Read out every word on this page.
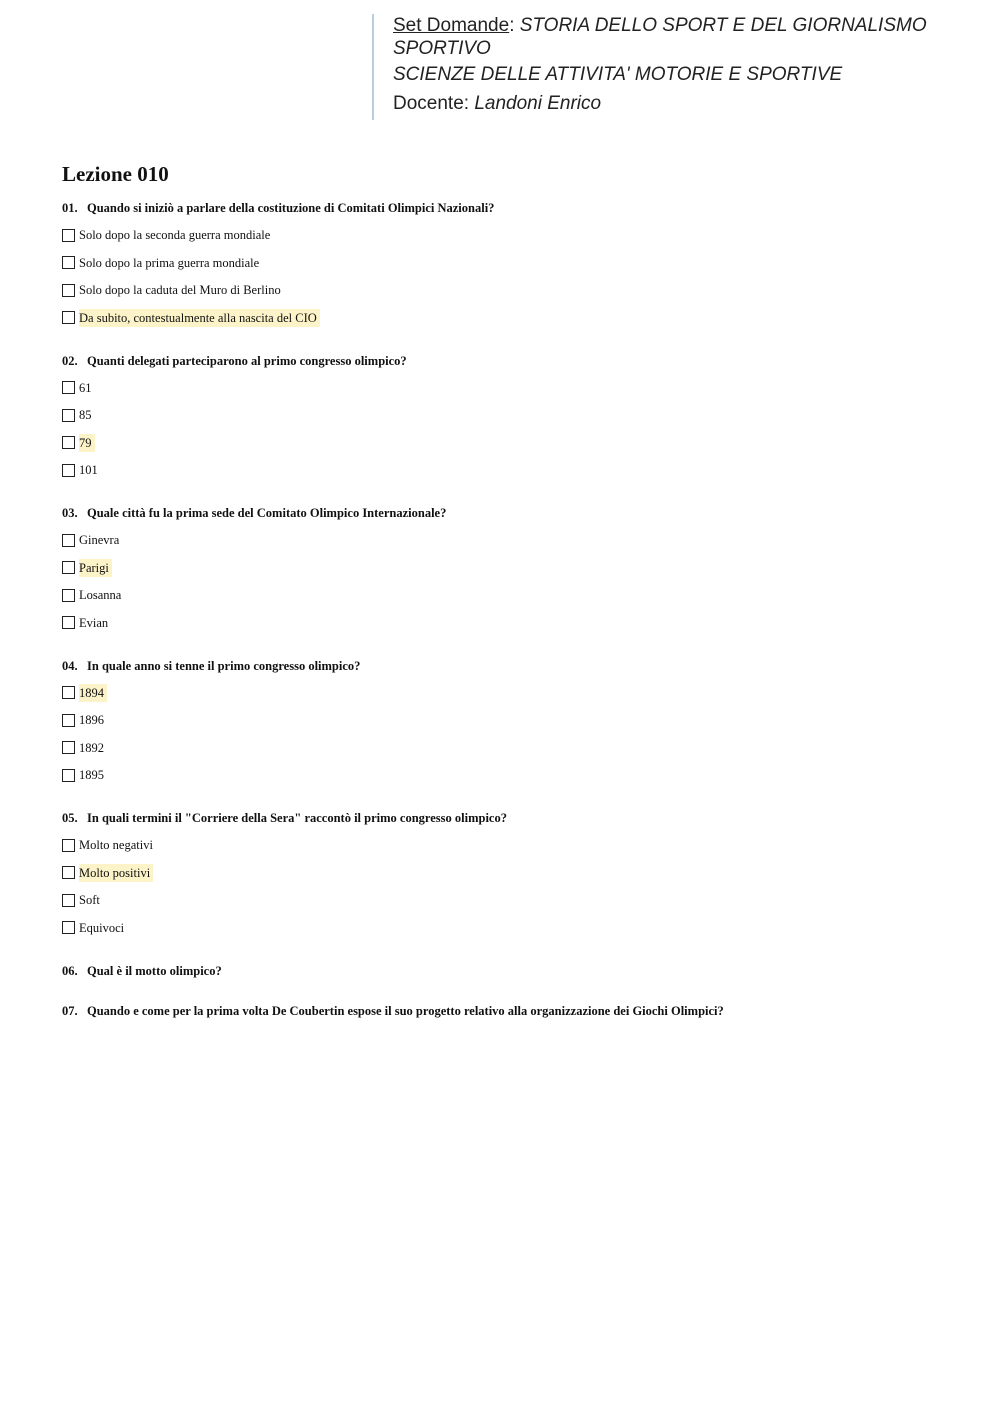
Set Domande: STORIA DELLO SPORT E DEL GIORNALISMO
SPORTIVO
SCIENZE DELLE ATTIVITA' MOTORIE E SPORTIVE
Docente: Landoni Enrico
Lezione 010

01. Quando si iniziò a parlare della costituzione di Comitati Olimpici Nazionali?

Solo dopo la seconda guerra mondiale
Solo dopo la prima guerra mondiale
Solo dopo la caduta del Muro di Berlino
Da subito, contestualmente alla nascita del CIO

02. Quanti delegati parteciparono al primo congresso olimpico?

61
85
79
101

03. Quale città fu la prima sede del Comitato Olimpico Internazionale?

Ginevra
Parigi
Losanna
Evian

04. In quale anno si tenne il primo congresso olimpico?

1894
1896
1892
1895

05. In quali termini il "Corriere della Sera" raccontò il primo congresso olimpico?

Molto negativi
Molto positivi
Soft
Equivoci

06. Qual è il motto olimpico?

07. Quando e come per la prima volta De Coubertin espose il suo progetto relativo alla organizzazione dei Giochi Olimpici?
